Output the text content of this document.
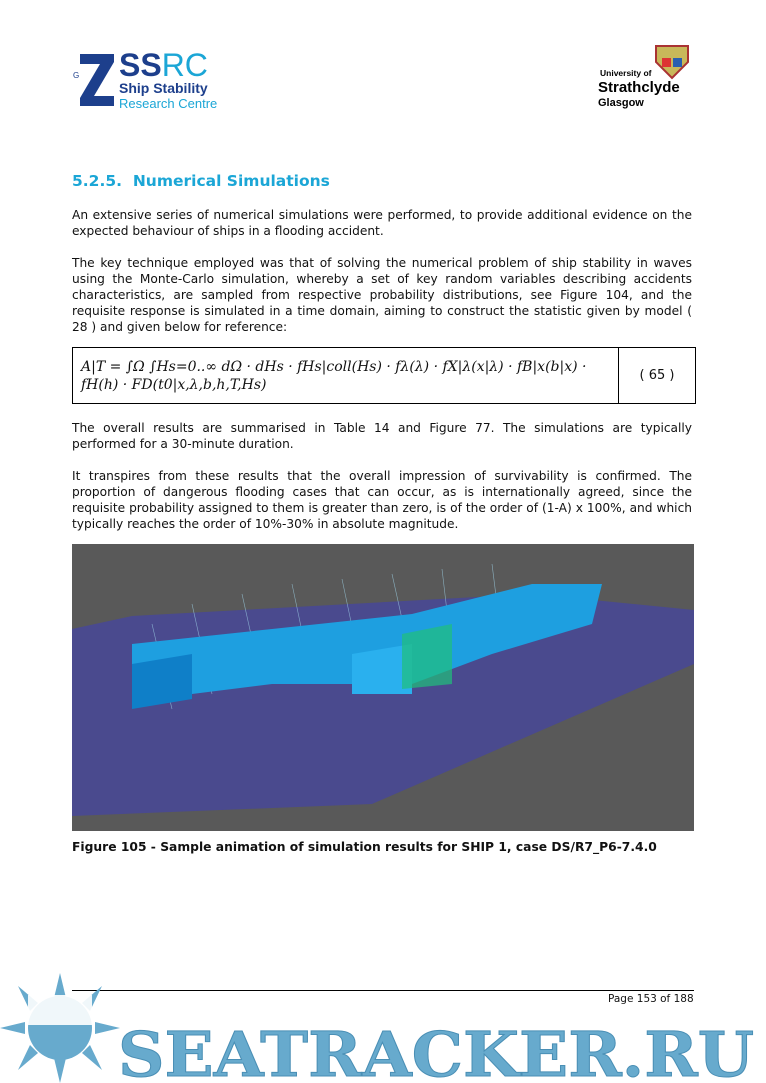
G SSRC
Ship Stability
Research Centre
University of
Strathclyde
Glasgow
5.2.5. Numerical Simulations

An extensive series of numerical simulations were performed, to provide additional evidence on the expected behaviour of ships in a flooding accident.

The key technique employed was that of solving the numerical problem of ship stability in waves using the Monte-Carlo simulation, whereby a set of key random variables describing accidents characteristics, are sampled from respective probability distributions, see Figure 104, and the requisite response is simulated in a time domain, aiming to construct the statistic given by model ( 28 ) and given below for reference:

A|T = ∫Ω ∫Hs=0..∞ dΩ · dHs · fHs|coll(Hs) · fλ(λ) · fX|λ(x|λ) · fB|x(b|x) · fH(h) · FD(t0|x,λ,b,h,T,Hs)
( 65 )

The overall results are summarised in Table 14 and Figure 77. The simulations are typically performed for a 30-minute duration.

It transpires from these results that the overall impression of survivability is confirmed. The proportion of dangerous flooding cases that can occur, as is internationally agreed, since the requisite probability assigned to them is greater than zero, is of the order of (1-A) x 100%, and which typically reaches the order of 10%-30% in absolute magnitude.

Figure 105 - Sample animation of simulation results for SHIP 1, case DS/R7_P6-7.4.0
SEATRACKER.RU
Page 153 of 188
